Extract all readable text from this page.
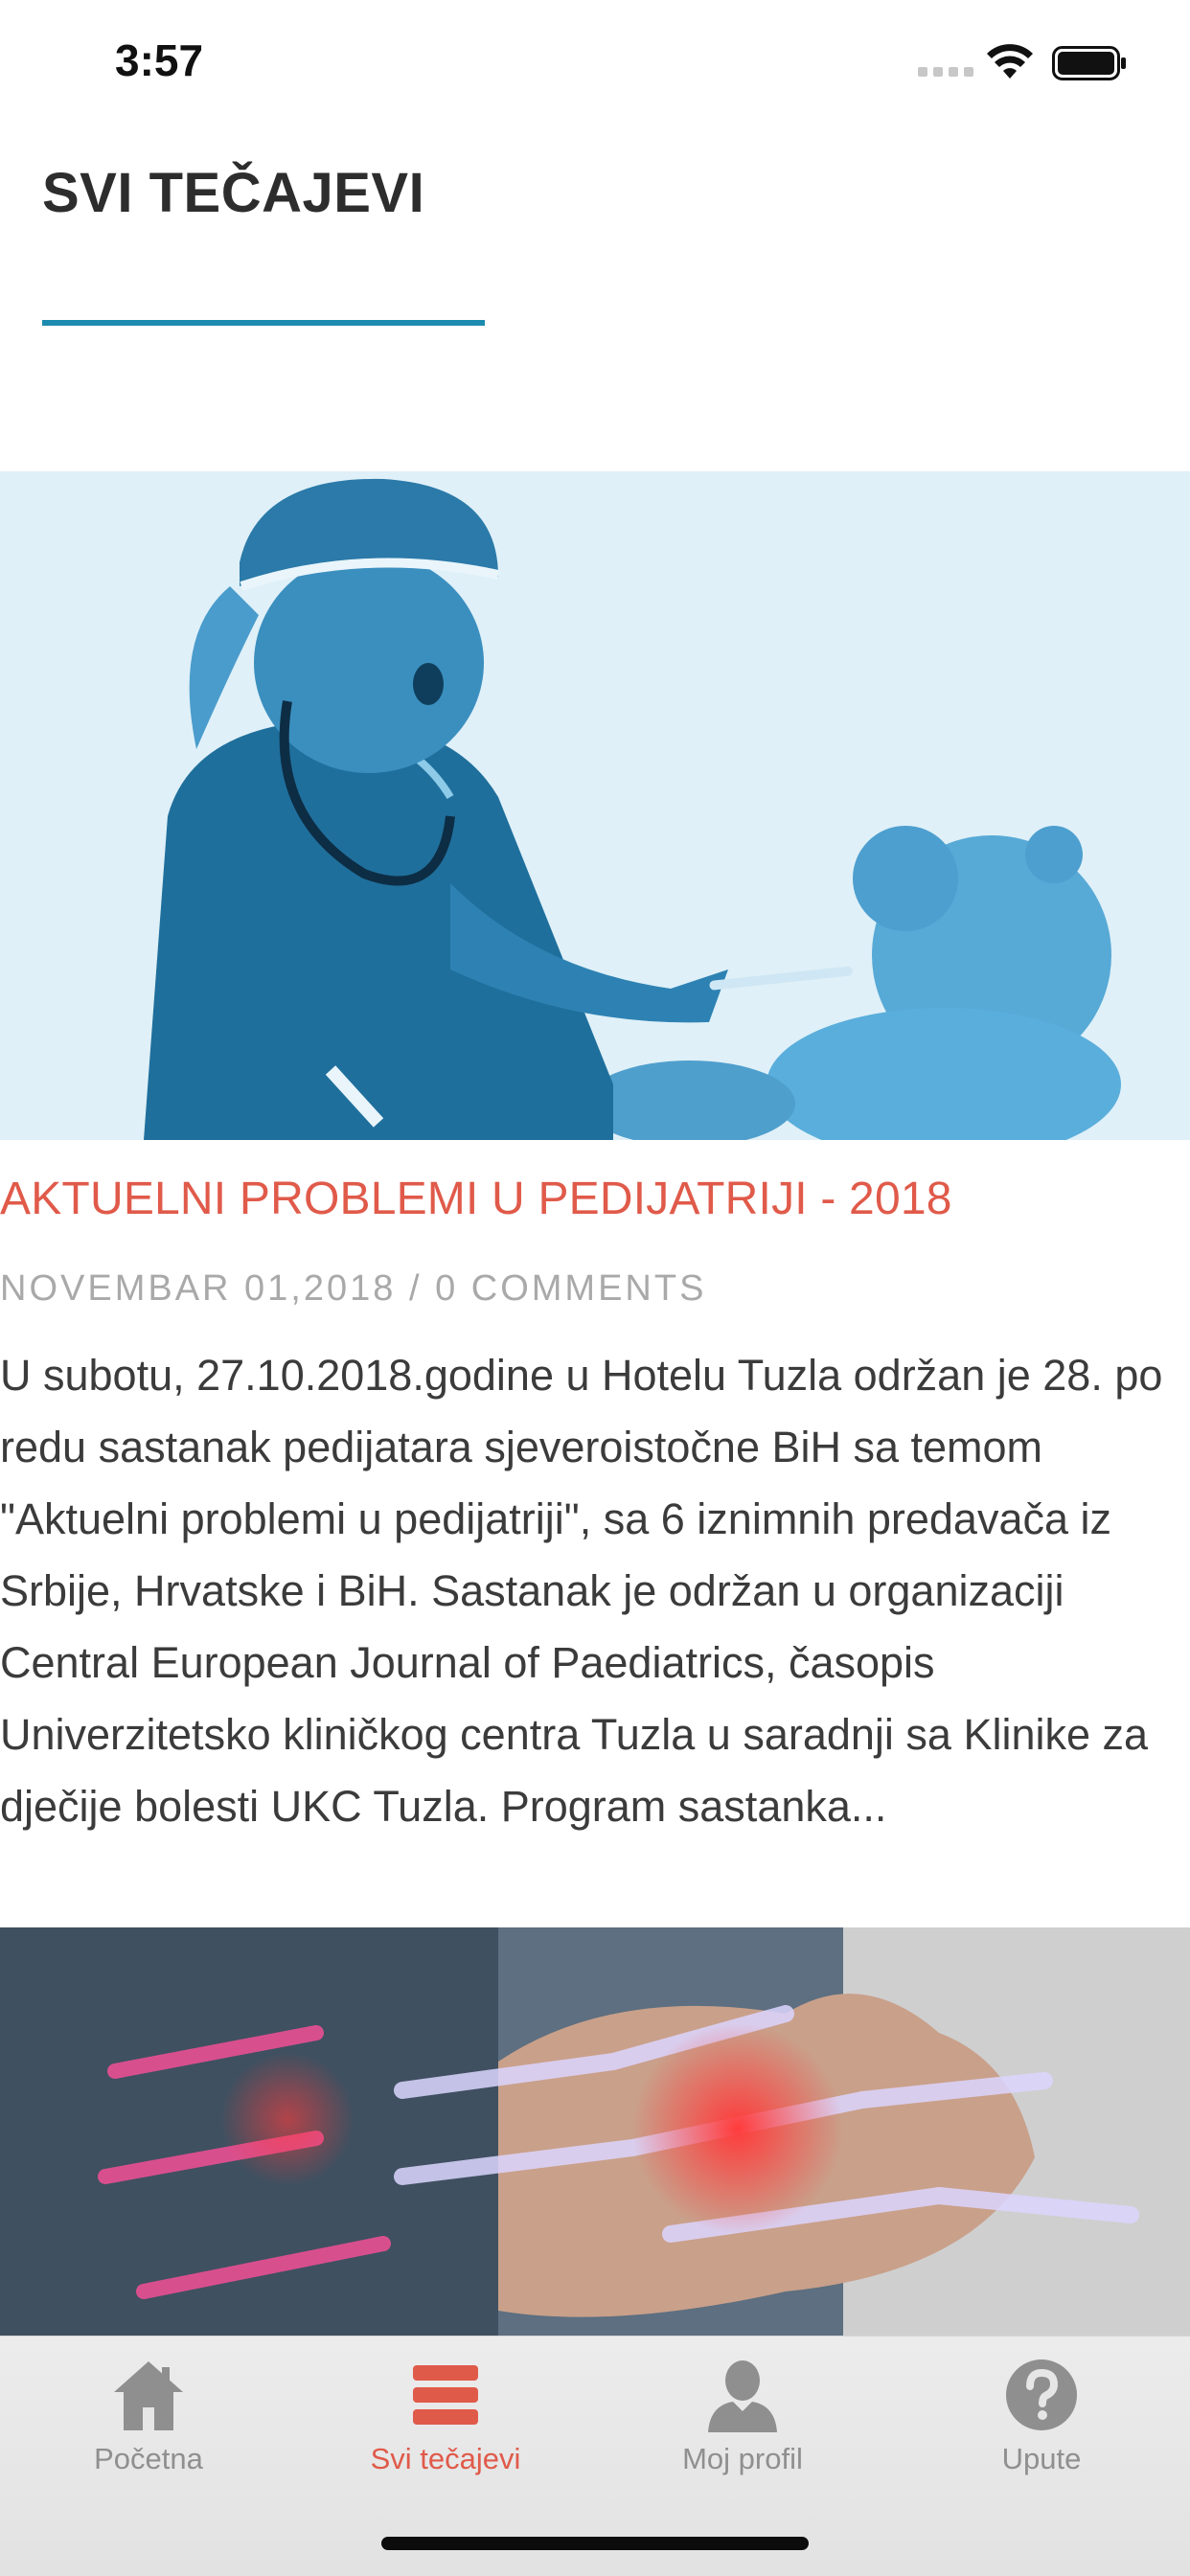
3:57
SVI TEČAJEVI
AKTUELNI PROBLEMI U PEDIJATRIJI - 2018
NOVEMBAR 01,2018 / 0 COMMENTS
U subotu, 27.10.2018.godine u Hotelu Tuzla održan je 28. po redu sastanak pedijatara sjeveroistočne BiH sa temom "Aktuelni problemi u pedijatriji", sa 6 iznimnih predavača iz Srbije, Hrvatske i BiH. Sastanak je održan u organizaciji Central European Journal of Paediatrics, časopis Univerzitetsko kliničkog centra Tuzla u saradnji sa Klinike za dječije bolesti UKC Tuzla. Program sastanka...
Početna	Svi tečajevi	Moj profil	Upute
